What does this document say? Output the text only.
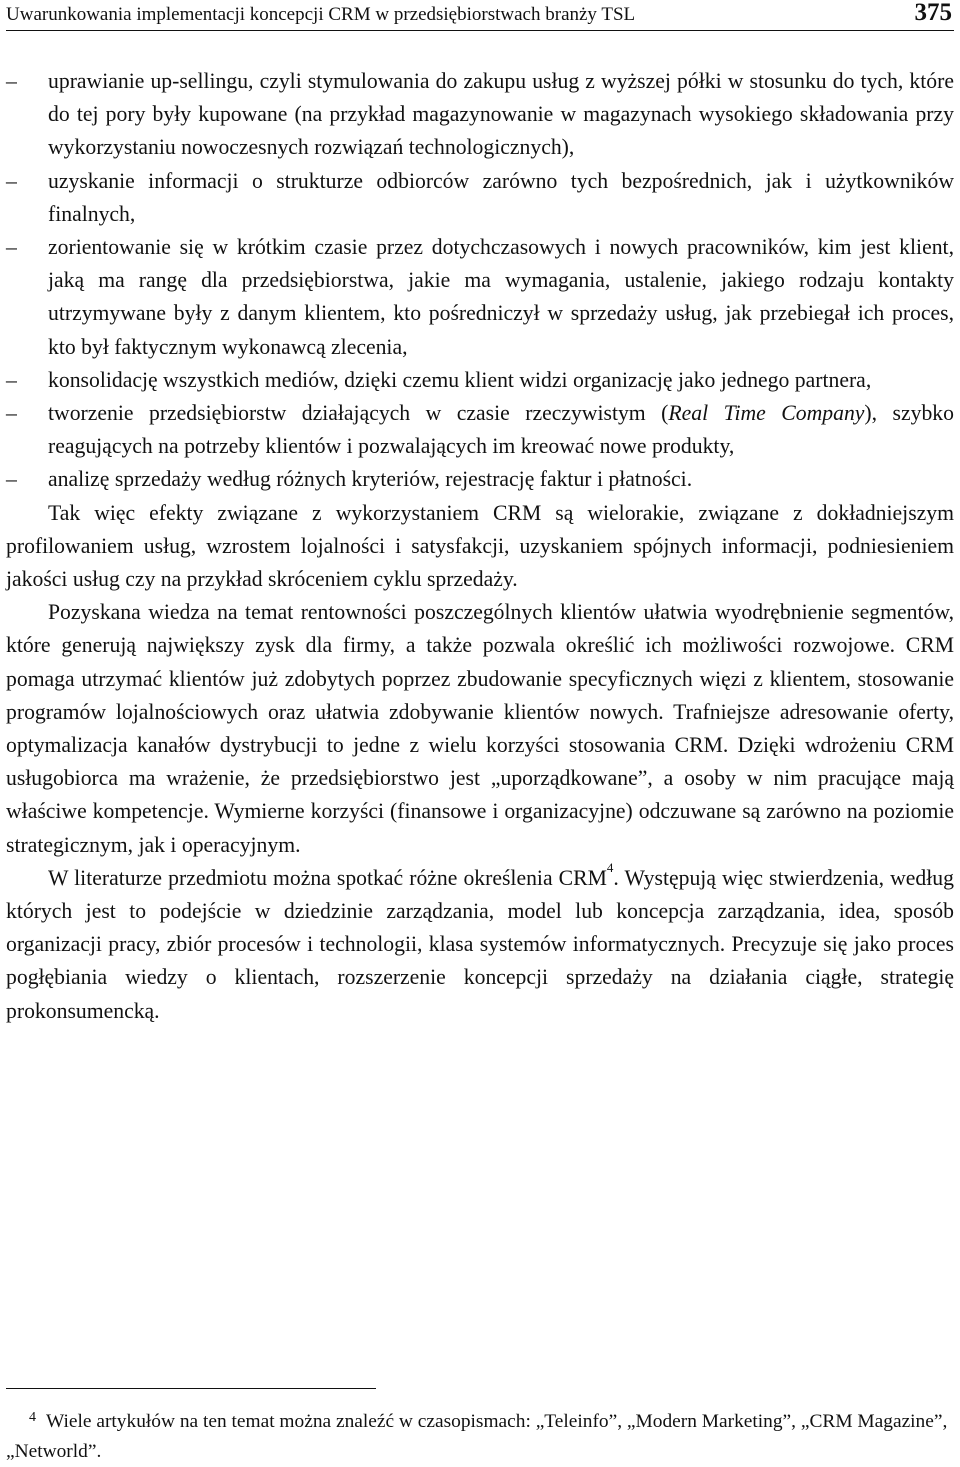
Uwarunkowania implementacji koncepcji CRM w przedsiębiorstwach branży TSL	375
–	uprawianie up-sellingu, czyli stymulowania do zakupu usług z wyższej półki w stosunku do tych, które do tej pory były kupowane (na przykład magazynowanie w magazynach wysokiego składowania przy wykorzystaniu nowoczesnych rozwiązań technologicznych),
–	uzyskanie informacji o strukturze odbiorców zarówno tych bezpośrednich, jak i użytkowników finalnych,
–	zorientowanie się w krótkim czasie przez dotychczasowych i nowych pracowników, kim jest klient, jaką ma rangę dla przedsiębiorstwa, jakie ma wymagania, ustalenie, jakiego rodzaju kontakty utrzymywane były z danym klientem, kto pośredniczył w sprzedaży usług, jak przebiegał ich proces, kto był faktycznym wykonawcą zlecenia,
–	konsolidację wszystkich mediów, dzięki czemu klient widzi organizację jako jednego partnera,
–	tworzenie przedsiębiorstw działających w czasie rzeczywistym (Real Time Company), szybko reagujących na potrzeby klientów i pozwalających im kreować nowe produkty,
–	analizę sprzedaży według różnych kryteriów, rejestrację faktur i płatności.

Tak więc efekty związane z wykorzystaniem CRM są wielorakie, związane z dokładniejszym profilowaniem usług, wzrostem lojalności i satysfakcji, uzyskaniem spójnych informacji, podniesieniem jakości usług czy na przykład skróceniem cyklu sprzedaży.

Pozyskana wiedza na temat rentowności poszczególnych klientów ułatwia wyodrębnienie segmentów, które generują największy zysk dla firmy, a także pozwala określić ich możliwości rozwojowe. CRM pomaga utrzymać klientów już zdobytych poprzez zbudowanie specyficznych więzi z klientem, stosowanie programów lojalnościowych oraz ułatwia zdobywanie klientów nowych. Trafniejsze adresowanie oferty, optymalizacja kanałów dystrybucji to jedne z wielu korzyści stosowania CRM. Dzięki wdrożeniu CRM usługobiorca ma wrażenie, że przedsiębiorstwo jest „uporządkowane”, a osoby w nim pracujące mają właściwe kompetencje. Wymierne korzyści (finansowe i organizacyjne) odczuwane są zarówno na poziomie strategicznym, jak i operacyjnym.

W literaturze przedmiotu można spotkać różne określenia CRM$^4$. Występują więc stwierdzenia, według których jest to podejście w dziedzinie zarządzania, model lub koncepcja zarządzania, idea, sposób organizacji pracy, zbiór procesów i technologii, klasa systemów informatycznych. Precyzuje się jako proces pogłębiania wiedzy o klientach, rozszerzenie koncepcji sprzedaży na działania ciągłe, strategię prokonsumencką.

4 Wiele artykułów na ten temat można znaleźć w czasopismach: „Teleinfo”, „Modern Marketing”, „CRM Magazine”, „Networld”.
